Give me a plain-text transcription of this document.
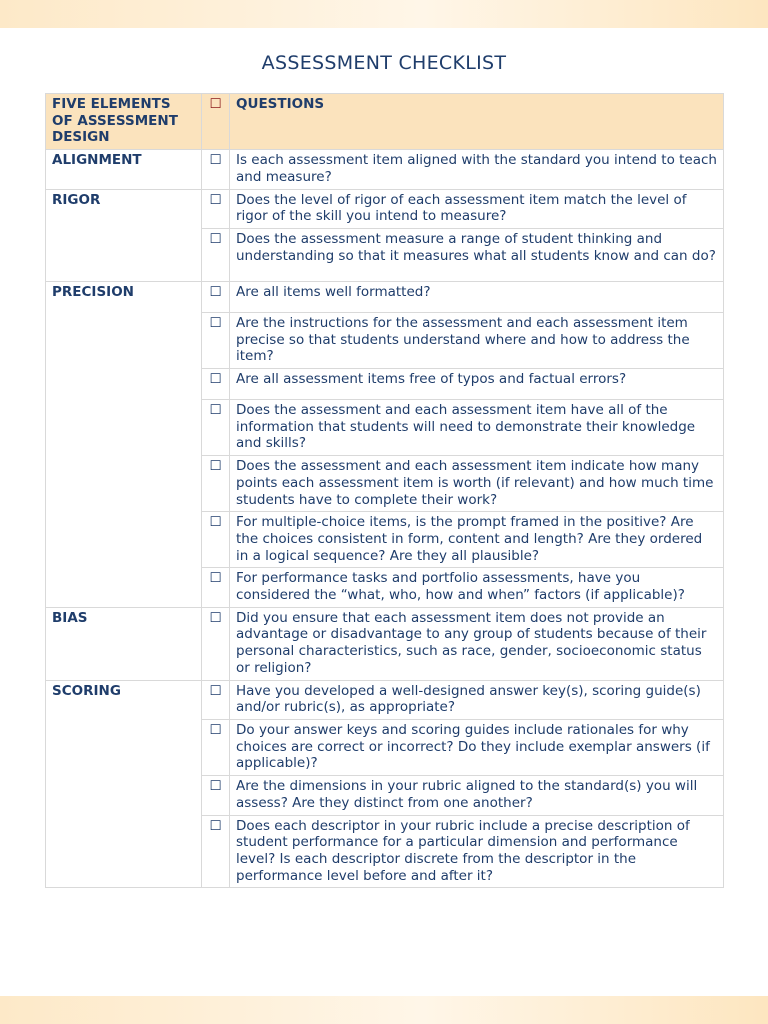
ASSESSMENT CHECKLIST
FIVE ELEMENTS OF ASSESSMENT DESIGN	☐	QUESTIONS
ALIGNMENT	☐	Is each assessment item aligned with the standard you intend to teach and measure?
RIGOR	☐	Does the level of rigor of each assessment item match the level of rigor of the skill you intend to measure?
	☐	Does the assessment measure a range of student thinking and understanding so that it measures what all students know and can do?
PRECISION	☐	Are all items well formatted?
	☐	Are the instructions for the assessment and each assessment item precise so that students understand where and how to address the item?
	☐	Are all assessment items free of typos and factual errors?
	☐	Does the assessment and each assessment item have all of the information that students will need to demonstrate their knowledge and skills?
	☐	Does the assessment and each assessment item indicate how many points each assessment item is worth (if relevant) and how much time students have to complete their work?
	☐	For multiple-choice items, is the prompt framed in the positive? Are the choices consistent in form, content and length? Are they ordered in a logical sequence? Are they all plausible?
	☐	For performance tasks and portfolio assessments, have you considered the “what, who, how and when” factors (if applicable)?
BIAS	☐	Did you ensure that each assessment item does not provide an advantage or disadvantage to any group of students because of their personal characteristics, such as race, gender, socioeconomic status or religion?
SCORING	☐	Have you developed a well-designed answer key(s), scoring guide(s) and/or rubric(s), as appropriate?
	☐	Do your answer keys and scoring guides include rationales for why choices are correct or incorrect? Do they include exemplar answers (if applicable)?
	☐	Are the dimensions in your rubric aligned to the standard(s) you will assess? Are they distinct from one another?
	☐	Does each descriptor in your rubric include a precise description of student performance for a particular dimension and performance level? Is each descriptor discrete from the descriptor in the performance level before and after it?
